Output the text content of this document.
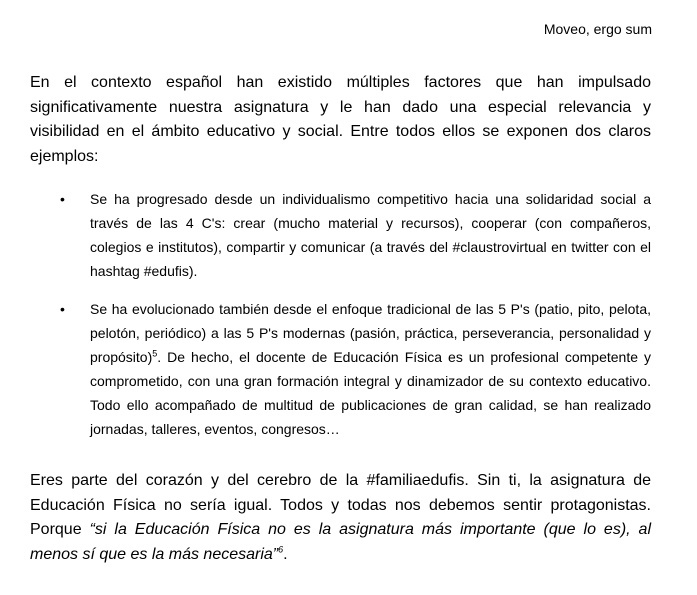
Moveo, ergo sum

En el contexto español han existido múltiples factores que han impulsado significativamente nuestra asignatura y le han dado una especial relevancia y visibilidad en el ámbito educativo y social. Entre todos ellos se exponen dos claros ejemplos:

• Se ha progresado desde un individualismo competitivo hacia una solidaridad social a través de las 4 C's: crear (mucho material y recursos), cooperar (con compañeros, colegios e institutos), compartir y comunicar (a través del #claustrovirtual en twitter con el hashtag #edufis).
• Se ha evolucionado también desde el enfoque tradicional de las 5 P's (patio, pito, pelota, pelotón, periódico) a las 5 P's modernas (pasión, práctica, perseverancia, personalidad y propósito)$^5$. De hecho, el docente de Educación Física es un profesional competente y comprometido, con una gran formación integral y dinamizador de su contexto educativo. Todo ello acompañado de multitud de publicaciones de gran calidad, se han realizado jornadas, talleres, eventos, congresos…

Eres parte del corazón y del cerebro de la #familiaedufis. Sin ti, la asignatura de Educación Física no sería igual. Todos y todas nos debemos sentir protagonistas. Porque “si la Educación Física no es la asignatura más importante (que lo es), al menos sí que es la más necesaria”$^6$.
